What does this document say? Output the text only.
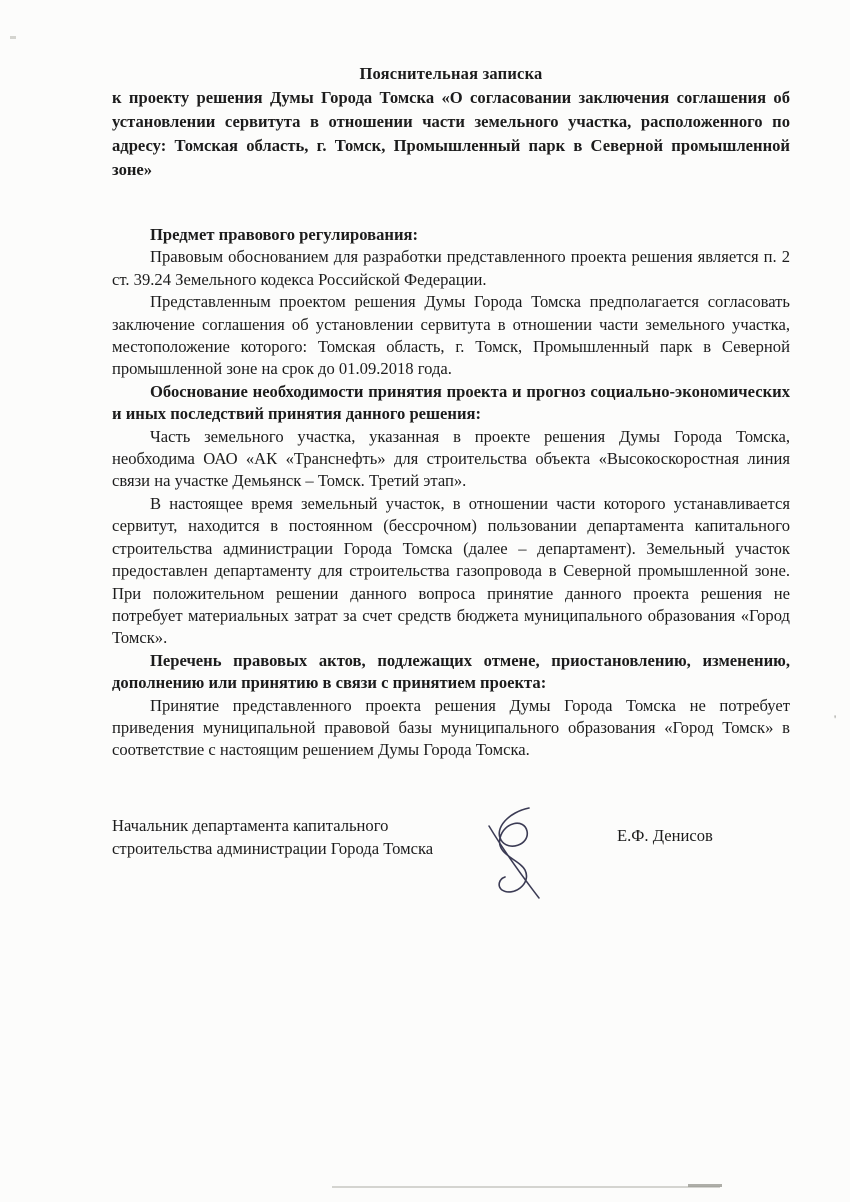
Пояснительная записка

к проекту решения Думы Города Томска «О согласовании заключения соглашения об установлении сервитута в отношении части земельного участка, расположенного по адресу: Томская область, г. Томск, Промышленный парк в Северной промышленной зоне»

Предмет правового регулирования:

Правовым обоснованием для разработки представленного проекта решения является п. 2 ст. 39.24 Земельного кодекса Российской Федерации.

Представленным проектом решения Думы Города Томска предполагается согласовать заключение соглашения об установлении сервитута в отношении части земельного участка, местоположение которого: Томская область, г. Томск, Промышленный парк в Северной промышленной зоне на срок до 01.09.2018 года.

Обоснование необходимости принятия проекта и прогноз социально-экономических и иных последствий принятия данного решения:

Часть земельного участка, указанная в проекте решения Думы Города Томска, необходима ОАО «АК «Транснефть» для строительства объекта «Высокоскоростная линия связи на участке Демьянск – Томск. Третий этап».

В настоящее время земельный участок, в отношении части которого устанавливается сервитут, находится в постоянном (бессрочном) пользовании департамента капитального строительства администрации Города Томска (далее – департамент). Земельный участок предоставлен департаменту для строительства газопровода в Северной промышленной зоне. При положительном решении данного вопроса принятие данного проекта решения не потребует материальных затрат за счет средств бюджета муниципального образования «Город Томск».

Перечень правовых актов, подлежащих отмене, приостановлению, изменению, дополнению или принятию в связи с принятием проекта:

Принятие представленного проекта решения Думы Города Томска не потребует приведения муниципальной правовой базы муниципального образования «Город Томск» в соответствие с настоящим решением Думы Города Томска.

Начальник департамента капитального
строительства администрации Города Томска
Е.Ф. Денисов
'
